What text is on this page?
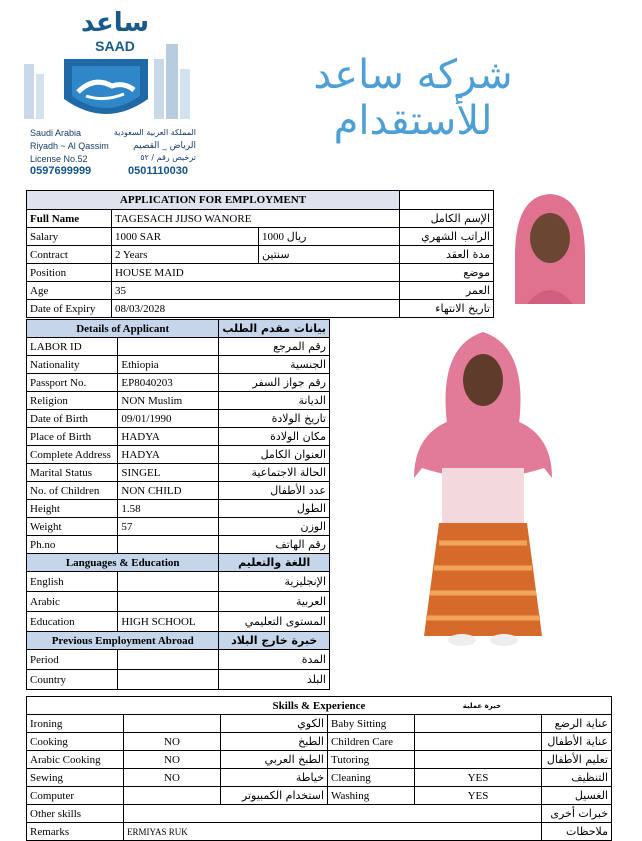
ساعد
SAAD
Saudi Arabia
Riyadh ~ Al Qassim
License No.52
0597699999
المملكة العربية السعودية
الرياض _ القصيم
ترخيص رقم / ٥٢
0501110030
شركه ساعد للأستقدام
APPLICATION FOR EMPLOYMENT			
Full Name	TAGESACH JIJSO WANORE		الإسم الكامل
Salary	1000 SAR	1000 ريال	الراتب الشهري
Contract	2 Years	سنتين	مدة العقد
Position	HOUSE MAID		موضع
Age	35		العمر
Date of Expiry	08/03/2028		تاريخ الانتهاء
Details of Applicant		بيانات مقدم الطلب
LABOR ID		رقم المرجع
Nationality	Ethiopia	الجنسية
Passport No.	EP8040203	رقم جواز السفر
Religion	NON Muslim	الديانة
Date of Birth	09/01/1990	تاريخ الولادة
Place of Birth	HADYA	مكان الولادة
Complete Address	HADYA	العنوان الكامل
Marital Status	SINGEL	الحالة الاجتماعية
No. of Children	NON CHILD	عدد الأطفال
Height	1.58	الطول
Weight	57	الوزن
Ph.no		رقم الهاتف
Languages & Education		اللغة والتعليم
English		الإنجليزية
Arabic		العربية
Education	HIGH SCHOOL	المستوى التعليمي
Previous Employment Abroad		خبرة خارج البلاد
Period		المدة
Country		البلد
Skills & Experience خبرة عملية					

Ironing		الكوي	Baby Sitting		عناية الرضع
Cooking	NO	الطبخ	Children Care		عناية الأطفال
Arabic Cooking	NO	الطبخ العربي	Tutoring		تعليم الأطفال
Sewing	NO	خياطة	Cleaning	YES	التنظيف
Computer		استخدام الكمبيوتر	Washing	YES	الغسيل
Other skills					خبرات أخرى
Remarks	ERMIYAS RUK				ملاحظات
